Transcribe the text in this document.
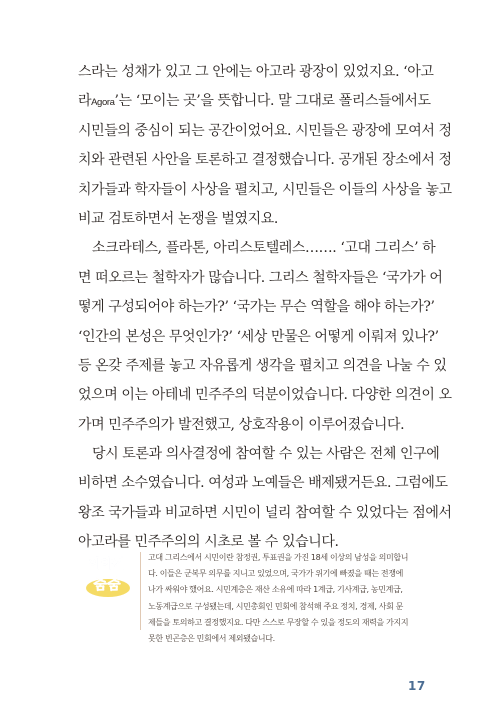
스라는 성채가 있고 그 안에는 아고라 광장이 있었지요. ‘아고
라Agora’는 ‘모이는 곳’을 뜻합니다. 말 그대로 폴리스들에서도
시민들의 중심이 되는 공간이었어요. 시민들은 광장에 모여서 정
치와 관련된 사안을 토론하고 결정했습니다. 공개된 장소에서 정
치가들과 학자들이 사상을 펼치고, 시민들은 이들의 사상을 놓고
비교 검토하면서 논쟁을 벌였지요.
소크라테스, 플라톤, 아리스토텔레스……. ‘고대 그리스’ 하
면 떠오르는 철학자가 많습니다. 그리스 철학자들은 ‘국가가 어
떻게 구성되어야 하는가?’ ‘국가는 무슨 역할을 해야 하는가?’
‘인간의 본성은 무엇인가?’ ‘세상 만물은 어떻게 이뤄져 있나?’
등 온갖 주제를 놓고 자유롭게 생각을 펼치고 의견을 나눌 수 있
었으며 이는 아테네 민주주의 덕분이었습니다. 다양한 의견이 오
가며 민주주의가 발전했고, 상호작용이 이루어졌습니다.
당시 토론과 의사결정에 참여할 수 있는 사람은 전체 인구에
비하면 소수였습니다. 여성과 노예들은 배제됐거든요. 그럼에도
왕조 국가들과 비교하면 시민이 널리 참여할 수 있었다는 점에서
아고라를 민주주의의 시초로 볼 수 있습니다.
이야기
줌줌
고대 그리스에서 시민이란 참정권, 투표권을 가진 18세 이상의 남성을 의미합니
다. 이들은 군복무 의무를 지니고 있었으며, 국가가 위기에 빠졌을 때는 전쟁에
나가 싸워야 했어요. 시민계층은 재산 소유에 따라 1계급, 기사계급, 농민계급,
노동계급으로 구성됐는데, 시민총회인 민회에 참석해 주요 정치, 경제, 사회 문
제들을 토의하고 결정했지요. 다만 스스로 무장할 수 있을 정도의 재력을 가지지
못한 빈곤층은 민회에서 제외됐습니다.
17
